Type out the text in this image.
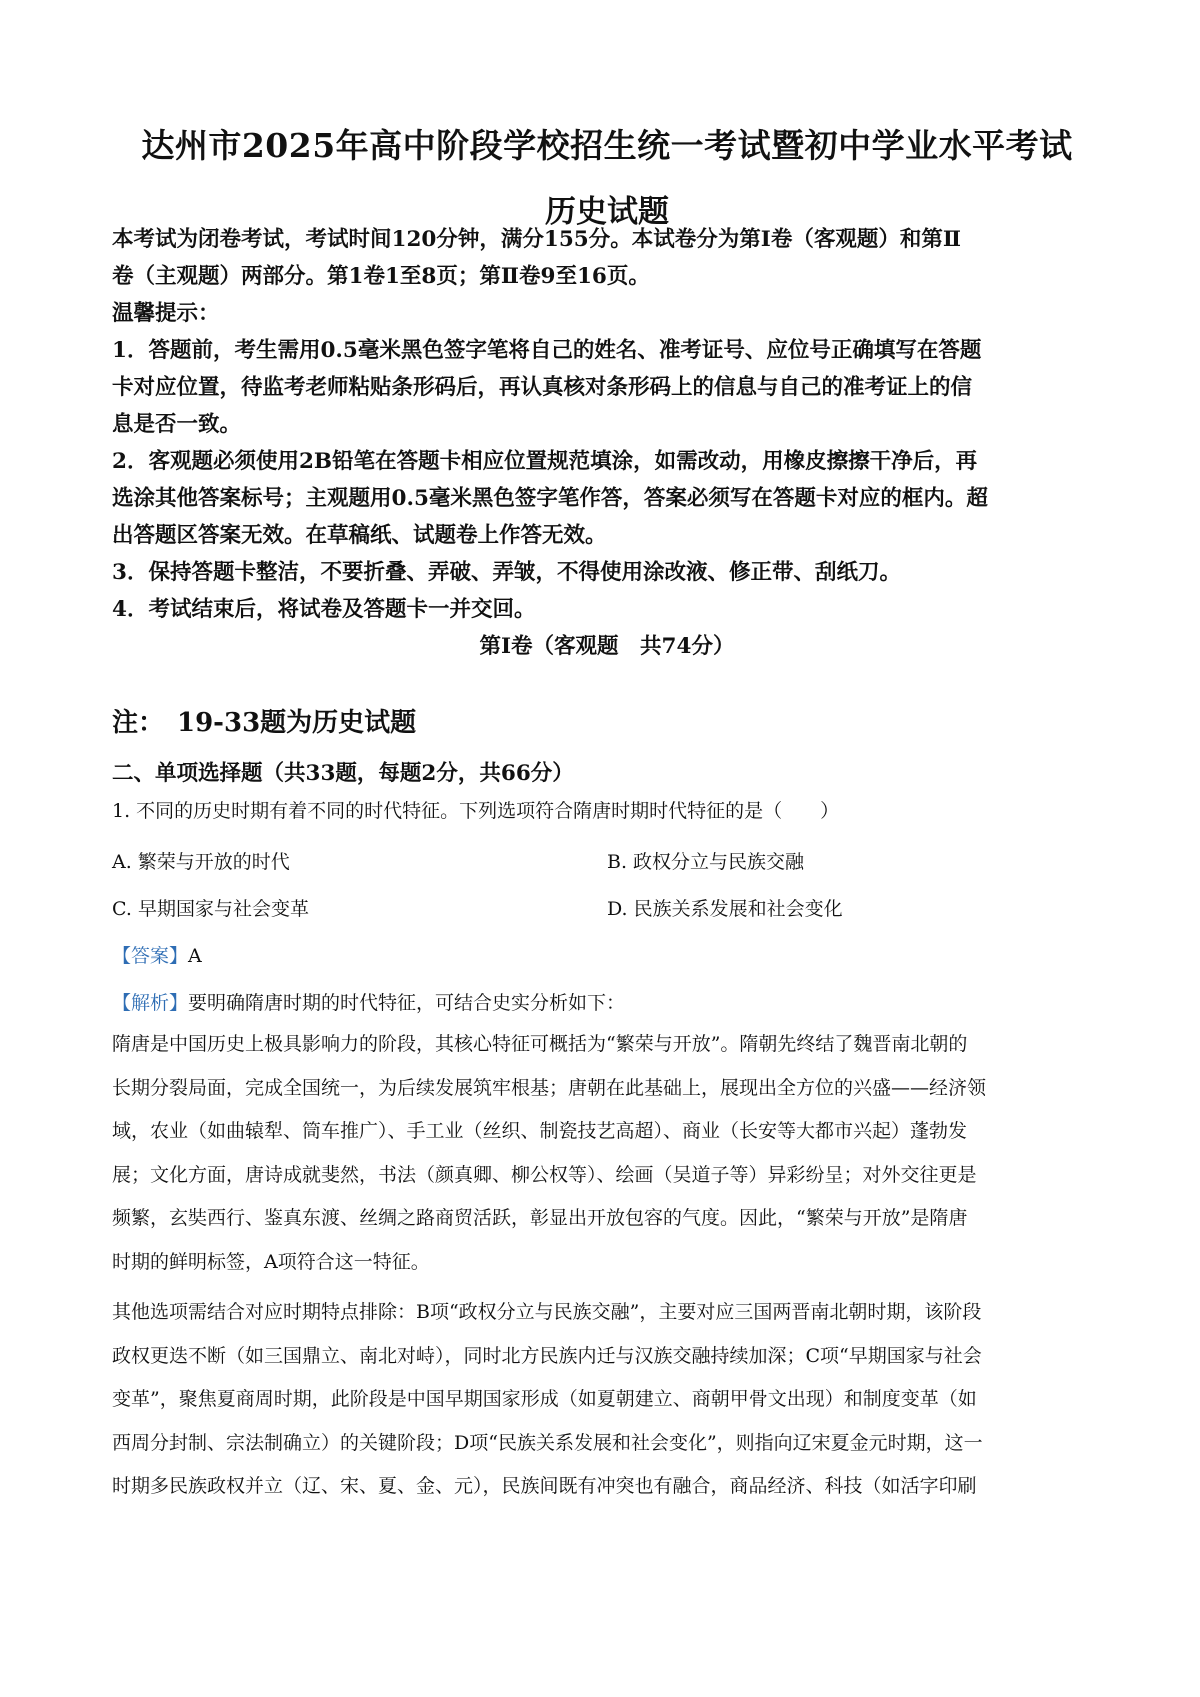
达州市2025年高中阶段学校招生统一考试暨初中学业水平考试
历史试题
本考试为闭卷考试，考试时间120分钟，满分155分。本试卷分为第Ⅰ卷（客观题）和第Ⅱ
卷（主观题）两部分。第1卷1至8页；第Ⅱ卷9至16页。
温馨提示：
1．答题前，考生需用0.5毫米黑色签字笔将自己的姓名、准考证号、应位号正确填写在答题
卡对应位置，待监考老师粘贴条形码后，再认真核对条形码上的信息与自己的准考证上的信
息是否一致。
2．客观题必须使用2B铅笔在答题卡相应位置规范填涂，如需改动，用橡皮擦擦干净后，再
选涂其他答案标号；主观题用0.5毫米黑色签字笔作答，答案必须写在答题卡对应的框内。超
出答题区答案无效。在草稿纸、试题卷上作答无效。
3．保持答题卡整洁，不要折叠、弄破、弄皱，不得使用涂改液、修正带、刮纸刀。
4．考试结束后，将试卷及答题卡一并交回。
第Ⅰ卷（客观题　共74分）
注：　19-33题为历史试题
二、单项选择题（共33题，每题2分，共66分）
1. 不同的历史时期有着不同的时代特征。下列选项符合隋唐时期时代特征的是（　　）
A. 繁荣与开放的时代	B. 政权分立与民族交融
C. 早期国家与社会变革	D. 民族关系发展和社会变化
【答案】A
【解析】要明确隋唐时期的时代特征，可结合史实分析如下：
隋唐是中国历史上极具影响力的阶段，其核心特征可概括为“繁荣与开放”。隋朝先终结了魏晋南北朝的
长期分裂局面，完成全国统一，为后续发展筑牢根基；唐朝在此基础上，展现出全方位的兴盛——经济领
域，农业（如曲辕犁、筒车推广）、手工业（丝织、制瓷技艺高超）、商业（长安等大都市兴起）蓬勃发
展；文化方面，唐诗成就斐然，书法（颜真卿、柳公权等）、绘画（吴道子等）异彩纷呈；对外交往更是
频繁，玄奘西行、鉴真东渡、丝绸之路商贸活跃，彰显出开放包容的气度。因此，“繁荣与开放”是隋唐
时期的鲜明标签，A项符合这一特征。
其他选项需结合对应时期特点排除：B项“政权分立与民族交融”，主要对应三国两晋南北朝时期，该阶段
政权更迭不断（如三国鼎立、南北对峙），同时北方民族内迁与汉族交融持续加深；C项“早期国家与社会
变革”，聚焦夏商周时期，此阶段是中国早期国家形成（如夏朝建立、商朝甲骨文出现）和制度变革（如
西周分封制、宗法制确立）的关键阶段；D项“民族关系发展和社会变化”，则指向辽宋夏金元时期，这一
时期多民族政权并立（辽、宋、夏、金、元），民族间既有冲突也有融合，商品经济、科技（如活字印刷
